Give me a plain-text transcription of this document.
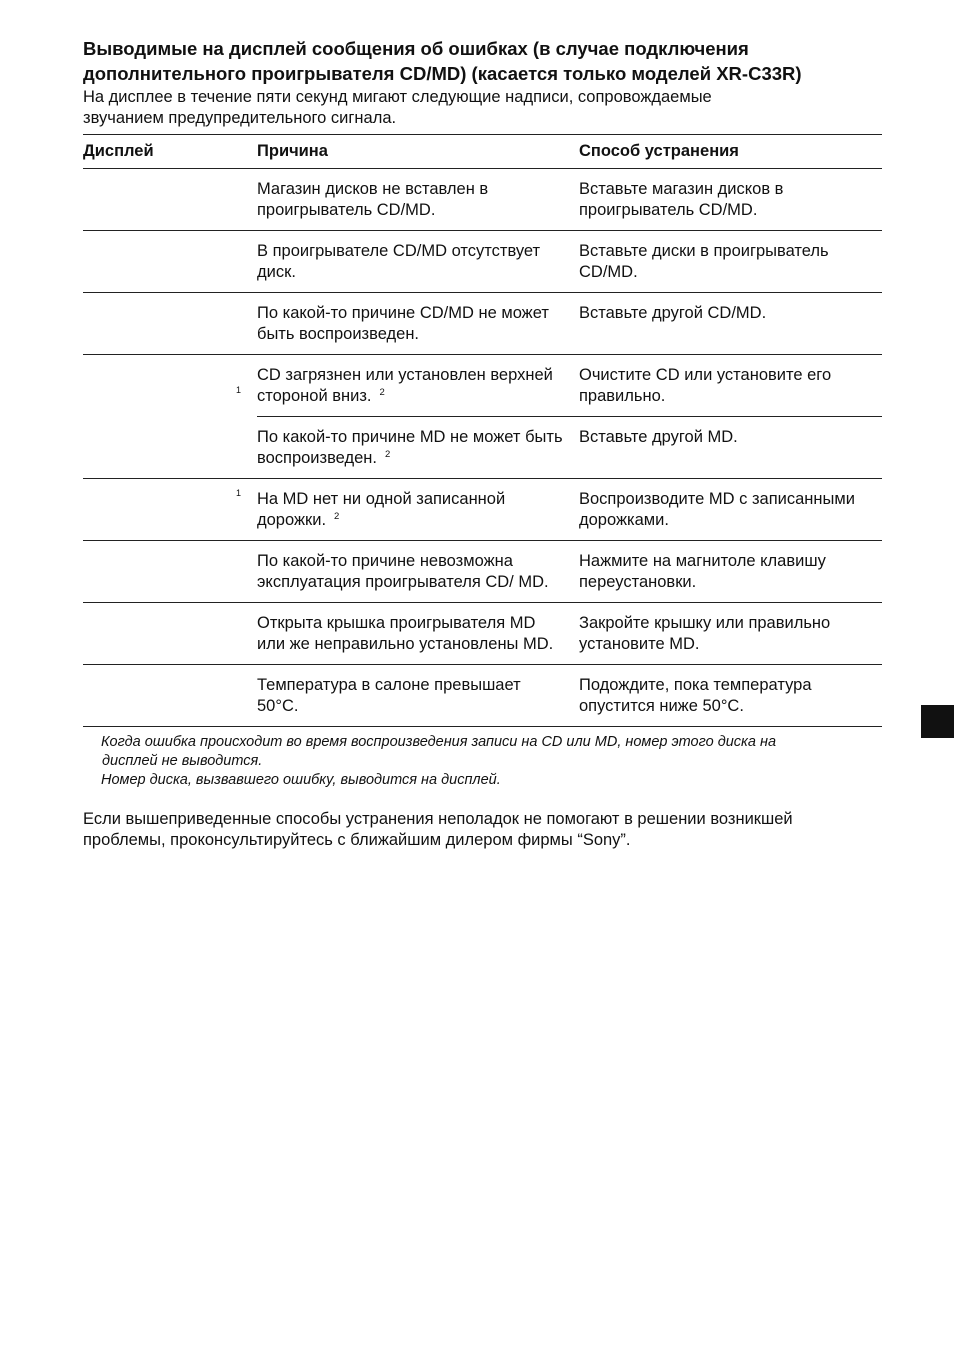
Выводимые на дисплей сообщения об ошибках (в случае подключения
дополнительного проигрывателя CD/MD) (касается только моделей XR-C33R)

На дисплее в течение пяти секунд мигают следующие надписи, сопровождаемые
звучанием предупредительного сигнала.

Дисплей	Причина	Способ устранения
	Магазин дисков не вставлен в проигрыватель CD/MD.	Вставьте магазин дисков в проигрыватель CD/MD.
	В проигрывателе CD/MD отсутствует диск.	Вставьте диски в проигрыватель CD/MD.
	По какой-то причине CD/MD не может быть воспроизведен.	Вставьте другой CD/MD.

1	CD загрязнен или установлен верхней стороной вниз. $^2$	Очистите CD или установите его правильно.
	По какой-то причине MD не может быть воспроизведен. $^2$	Вставьте другой MD.

1	На MD нет ни одной записанной дорожки. $^2$	Воспроизводите MD с записанными дорожками.
	По какой-то причине невозможна эксплуатация проигрывателя CD/ MD.	Нажмите на магнитоле клавишу переустановки.
	Открыта крышка проигрывателя MD или же неправильно установлены MD.	Закройте крышку или правильно установите MD.
	Температура в салоне превышает 50°C.	Подождите, пока температура опустится ниже 50°C.
Когда ошибка происходит во время воспроизведения записи на CD или MD, номер этого диска на
дисплей не выводится.
Номер диска, вызвавшего ошибку, выводится на дисплей.
Если вышеприведенные способы устранения неполадок не помогают в решении возникшей
проблемы, проконсультируйтесь с ближайшим дилером фирмы “Sony”.
